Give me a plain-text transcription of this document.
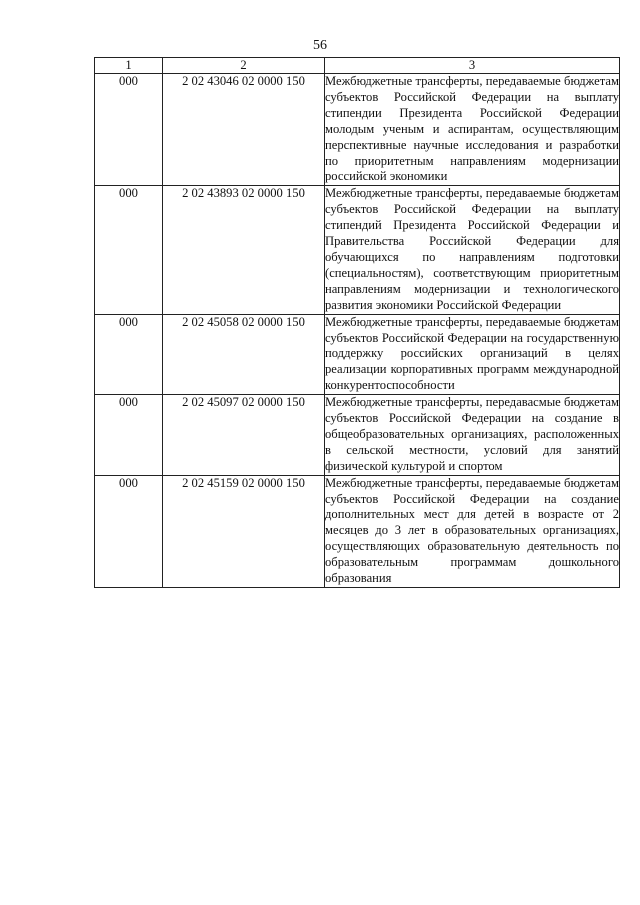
56
1	2	3
000	2 02 43046 02 0000 150	Межбюджетные трансферты, передаваемые бюджетам субъектов Российской Федерации на выплату стипендии Президента Российской Федерации молодым ученым и аспирантам, осуществляющим перспективные научные исследования и разработки по приоритетным направлениям модернизации российской экономики

000	2 02 43893 02 0000 150	Межбюджетные трансферты, передаваемые бюджетам субъектов Российской Федерации на выплату стипендий Президента Российской Федерации и Правительства Российской Федерации для обучающихся по направлениям подготовки (специальностям), соответствующим приоритетным направлениям модернизации и технологического развития экономики Российской Федерации

000	2 02 45058 02 0000 150	Межбюджетные трансферты, передаваемые бюджетам субъектов Российской Федерации на государственную поддержку российских организаций в целях реализации корпоративных программ международной конкурентоспособности

000	2 02 45097 02 0000 150	Межбюджетные трансферты, передавасмые бюджетам субъектов Российской Федерации на создание в общеобразовательных организациях, расположенных в сельской местности, условий для занятий физической культурой и спортом

000	2 02 45159 02 0000 150	Межбюджетные трансферты, передаваемые бюджетам субъектов Российской Федерации на создание дополнительных мест для детей в возрасте от 2 месяцев до 3 лет в образовательных организациях, осуществляющих образовательную деятельность по образовательным программам дошкольного образования
